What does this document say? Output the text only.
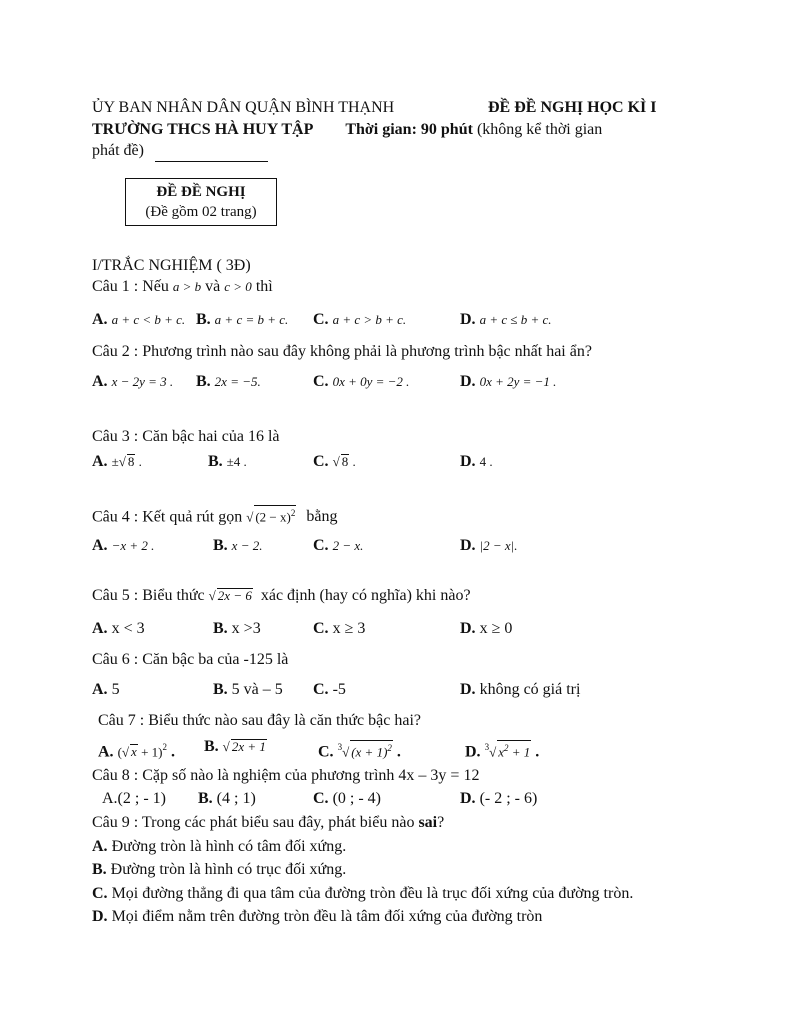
ỦY BAN NHÂN DÂN QUẬN BÌNH THẠNH	ĐỀ ĐỀ NGHỊ HỌC KÌ I
TRƯỜNG THCS HÀ HUY TẬP Thời gian: 90 phút (không kể thời gian
phát đề)
ĐỀ ĐỀ NGHỊ
(Đề gồm 02 trang)
I/TRẮC NGHIỆM ( 3Đ)
Câu 1 : Nếu a > b và c > 0 thì
A. a + c < b + c. B. a + c = b + c. C. a + c > b + c.	D. a + c ≤ b + c.
Câu 2 : Phương trình nào sau đây không phải là phương trình bậc nhất hai ẩn?
A. x − 2y = 3 . B. 2x = −5.	C. 0x + 0y = −2 .	D. 0x + 2y = −1 .
Câu 3 : Căn bậc hai của 16 là
A. ±√ 8 .	B. ±4 .	C. √ 8 .	D. 4 .
Câu 4 : Kết quả rút gọn √ $(2 - x)^2$ bằng
A. −x + 2 .	B. x − 2.	C. 2 − x.	D. |2 − x|.
Câu 5 : Biểu thức √ 2x − 6 xác định (hay có nghĩa) khi nào?
A. x < 3	B. x >3	C. x ≥ 3	D. x ≥ 0
Câu 6 : Căn bậc ba của -125 là
A. 5	B. 5 và – 5 C. -5	D. không có giá trị
Câu 7 : Biểu thức nào sau đây là căn thức bậc hai?
A. (√ x + 1)$^2$ . B. √ 2x + 1	C. $^3$√ $(x + 1)^2$ .	D. $^3$√ $x^2 + 1$ .
Câu 8 : Cặp số nào là nghiệm của phương trình 4x – 3y = 12
A.(2 ; - 1) B. (4 ; 1)	C. (0 ; - 4)	D. (- 2 ; - 6)
Câu 9 : Trong các phát biểu sau đây, phát biểu nào sai?
A. Đường tròn là hình có tâm đối xứng.
B. Đường tròn là hình có trục đối xứng.
C. Mọi đường thẳng đi qua tâm của đường tròn đều là trục đối xứng của đường tròn.
D. Mọi điểm nằm trên đường tròn đều là tâm đối xứng của đường tròn
